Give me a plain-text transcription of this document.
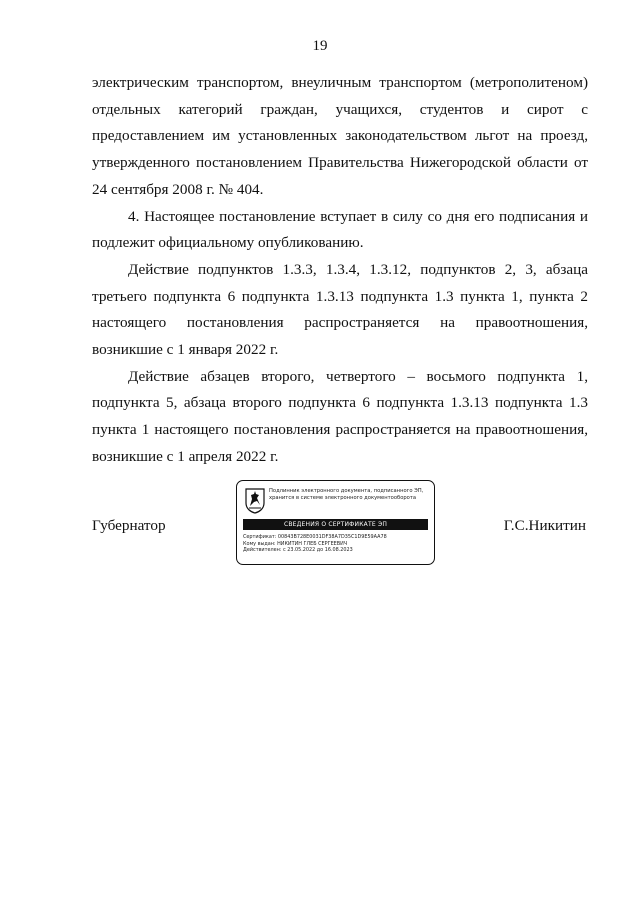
19

электрическим транспортом, внеуличным транспортом (метрополитеном) отдельных категорий граждан, учащихся, студентов и сирот с предоставлением им установленных законодательством льгот на проезд, утвержденного постановлением Правительства Нижегородской области от 24 сентября 2008 г. № 404.

4. Настоящее постановление вступает в силу со дня его подписания и подлежит официальному опубликованию.

Действие подпунктов 1.3.3, 1.3.4, 1.3.12, подпунктов 2, 3, абзаца третьего подпункта 6 подпункта 1.3.13 подпункта 1.3 пункта 1, пункта 2 настоящего постановления распространяется на правоотношения, возникшие с 1 января 2022 г.

Действие абзацев второго, четвертого – восьмого подпункта 1, подпункта 5, абзаца второго подпункта 6 подпункта 1.3.13 подпункта 1.3 пункта 1 настоящего постановления распространяется на правоотношения, возникшие с 1 апреля 2022 г.

Губернатор	Г.С.Никитин
Подлинник электронного документа, подписанного ЭП, хранится в системе электронного документооборота
СВЕДЕНИЯ О СЕРТИФИКАТЕ ЭП
Сертификат: 00843B728E0031DF38A7D35C1D9E59AA78
Кому выдан: НИКИТИН ГЛЕБ СЕРГЕЕВИЧ
Действителен: с 23.05.2022 до 16.08.2023
